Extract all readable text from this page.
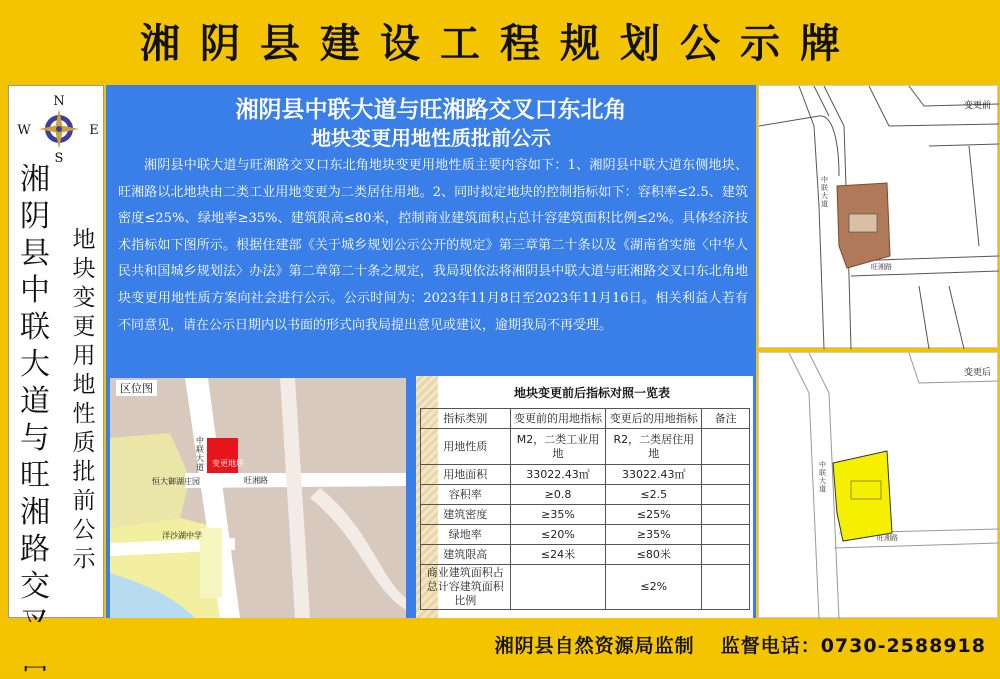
湘阴县建设工程规划公示牌
N
S
E
W
湘阴县中联大道与旺湘路交
地块变更用地性质批前公示
湘阴县中联大道与旺湘路交叉口东北角
地块变更用地性质批前公示
湘阴县中联大道与旺湘路交叉口东北角地块变更用地性质主要内容如下：1、湘阴县中联大道东侧地块、旺湘路以北地块由二类工业用地变更为二类居住用地。2、同时拟定地块的控制指标如下：容积率≤2.5、建筑密度≤25%、绿地率≥35%、建筑限高≤80米，控制商业建筑面积占总计容建筑面积比例≤2%。具体经济技术指标如下图所示。根据住建部《关于城乡规划公示公开的规定》第三章第二十条以及《湖南省实施〈中华人民共和国城乡规划法〉办法》第二章第二十条之规定，我局现依法将湘阴县中联大道与旺湘路交叉口东北角地块变更用地性质方案向社会进行公示。公示时间为：2023年11月8日至2023年11月16日。相关利益人若有不同意见，请在公示日期内以书面的形式向我局提出意见或建议，逾期我局不再受理。
区位图
中联大道 变更地块
旺湘路
恒大御湖庄园
洋沙湖中学
地块变更前后指标对照一览表
指标类别	变更前的用地指标	变更后的用地指标	备注
用地性质	M2，二类工业用地	R2，二类居住用地	
用地面积	33022.43㎡	33022.43㎡	
容积率	≥0.8	≤2.5	
建筑密度	≥35%	≤25%	
绿地率	≤20%	≥35%	
建筑限高	≤24米	≤80米	
商业建筑面积占总计容建筑面积比例		≤2%	
变更前
中联大道
旺湘路
变更后
中联大道
旺湘路
湘阴县自然资源局监制 监督电话：0730-2588918
